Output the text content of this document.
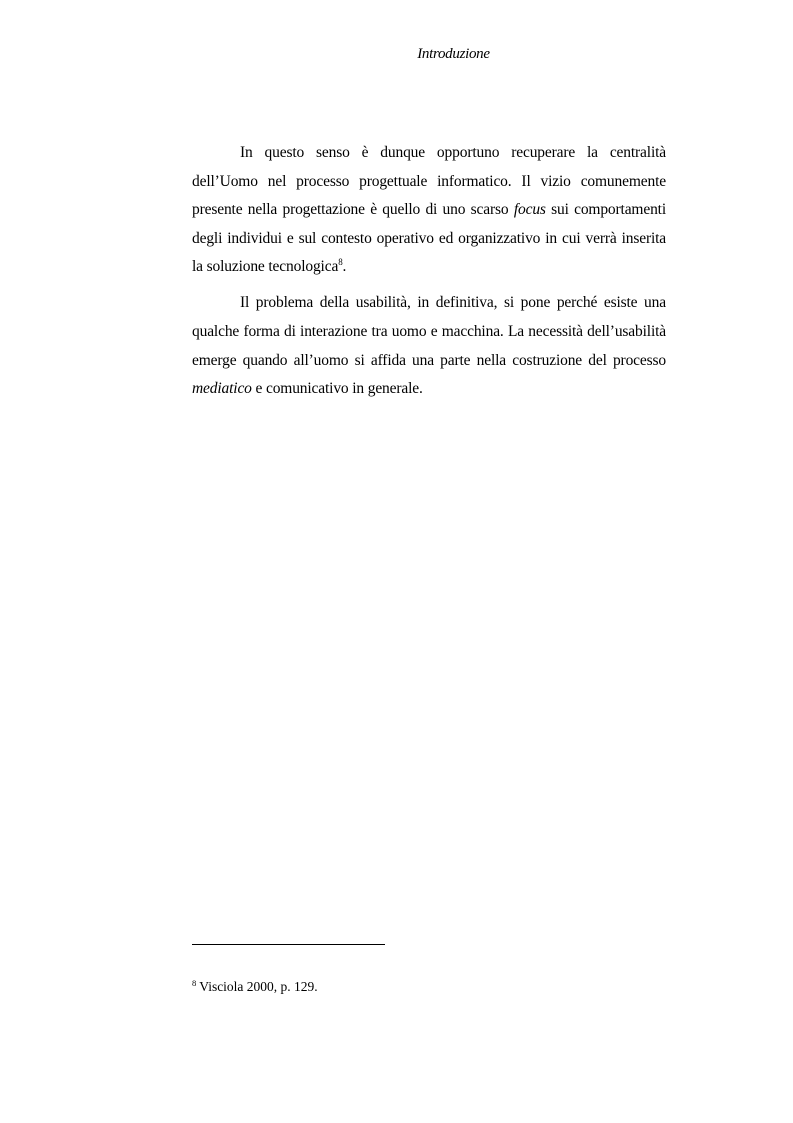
Introduzione

In questo senso è dunque opportuno recuperare la centralità dell’Uomo nel processo progettuale informatico. Il vizio comunemente presente nella progettazione è quello di uno scarso focus sui comportamenti degli individui e sul contesto operativo ed organizzativo in cui verrà inserita la soluzione tecnologica$^8$.

Il problema della usabilità, in definitiva, si pone perché esiste una qualche forma di interazione tra uomo e macchina. La necessità dell’usabilità emerge quando all’uomo si affida una parte nella costruzione del processo mediatico e comunicativo in generale.

$^8$ Visciola 2000, p. 129.
